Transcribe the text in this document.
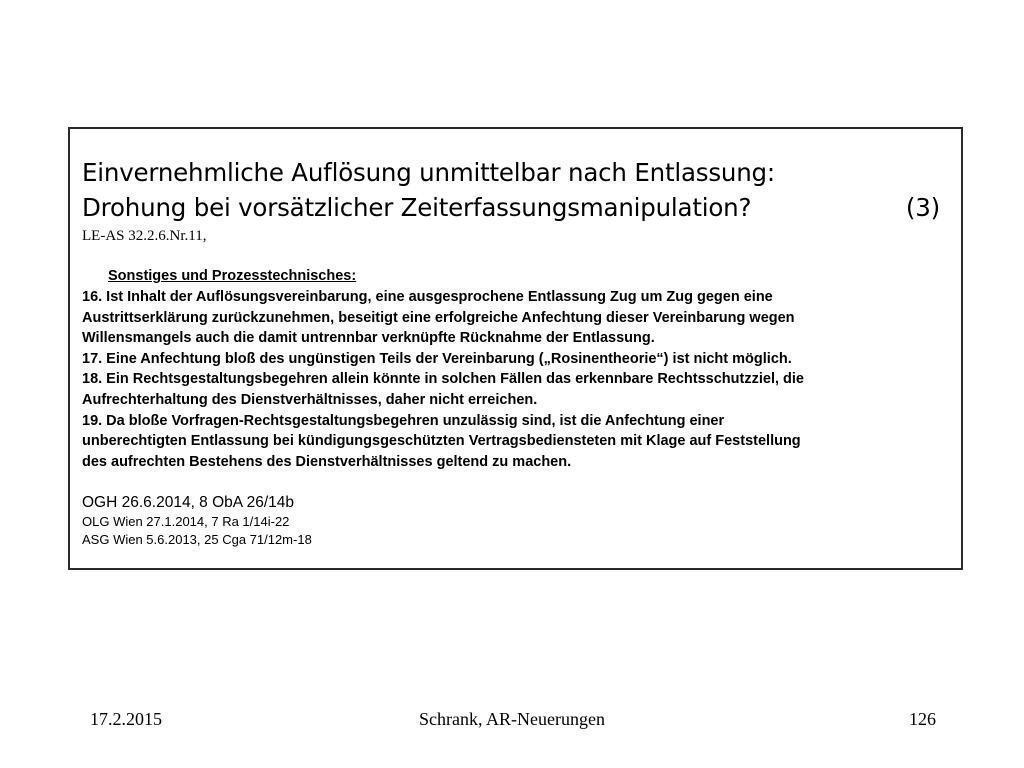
Einvernehmliche Auflösung unmittelbar nach Entlassung:
Drohung bei vorsätzlicher Zeiterfassungsmanipulation?	(3)
LE-AS 32.2.6.Nr.11,
Sonstiges und Prozesstechnisches:
16. Ist Inhalt der Auflösungsvereinbarung, eine ausgesprochene Entlassung Zug um Zug gegen eine
Austrittserklärung zurückzunehmen, beseitigt eine erfolgreiche Anfechtung dieser Vereinbarung wegen
Willensmangels auch die damit untrennbar verknüpfte Rücknahme der Entlassung.
17. Eine Anfechtung bloß des ungünstigen Teils der Vereinbarung („Rosinentheorie“) ist nicht möglich.
18. Ein Rechtsgestaltungsbegehren allein könnte in solchen Fällen das erkennbare Rechtsschutzziel, die
Aufrechterhaltung des Dienstverhältnisses, daher nicht erreichen.
19. Da bloße Vorfragen-Rechtsgestaltungsbegehren unzulässig sind, ist die Anfechtung einer
unberechtigten Entlassung bei kündigungsgeschützten Vertragsbediensteten mit Klage auf Feststellung
des aufrechten Bestehens des Dienstverhältnisses geltend zu machen.
OGH 26.6.2014, 8 ObA 26/14b
OLG Wien 27.1.2014, 7 Ra 1/14i-22
ASG Wien 5.6.2013, 25 Cga 71/12m-18
17.2.2015	Schrank, AR-Neuerungen	126
